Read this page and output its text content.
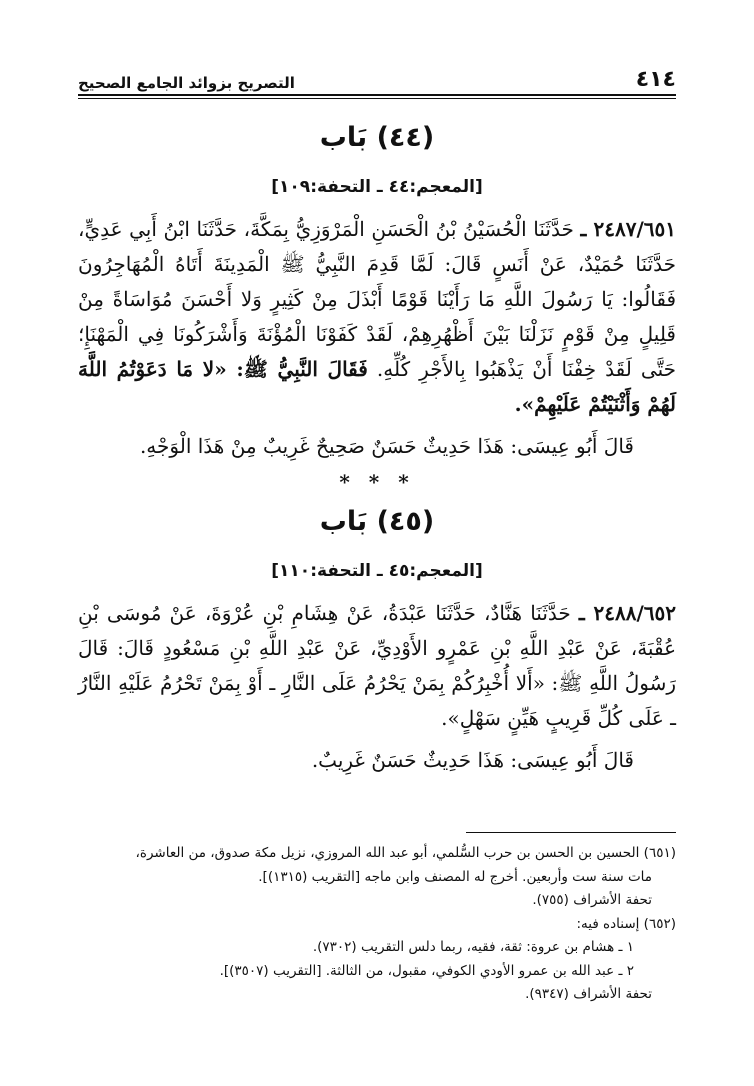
٤١٤
التصريح بزوائد الجامع الصحيح
(٤٤) بَاب
[المعجم:٤٤ ـ التحفة:١٠٩]

٢٤٨٧/٦٥١ ـ حَدَّثَنَا الْحُسَيْنُ بْنُ الْحَسَنِ الْمَرْوَزِيُّ بِمَكَّةَ، حَدَّثَنَا ابْنُ أَبِي عَدِيٍّ، حَدَّثَنَا حُمَيْدٌ، عَنْ أَنَسٍ قَالَ: لَمَّا قَدِمَ النَّبِيُّ ﷺ الْمَدِينَةَ أَتَاهُ الْمُهَاجِرُونَ فَقَالُوا: يَا رَسُولَ اللَّهِ مَا رَأَيْنَا قَوْمًا أَبْذَلَ مِنْ كَثِيرٍ وَلا أَحْسَنَ مُوَاسَاةً مِنْ قَلِيلٍ مِنْ قَوْمٍ نَزَلْنَا بَيْنَ أَظْهُرِهِمْ، لَقَدْ كَفَوْنَا الْمُؤْنَةَ وَأَشْرَكُونَا فِي الْمَهْنَإِ؛ حَتَّى لَقَدْ خِفْنَا أَنْ يَذْهَبُوا بِالأَجْرِ كُلِّهِ. فَقَالَ النَّبِيُّ ﷺ: «لا مَا دَعَوْتُمُ اللَّهَ لَهُمْ وَأَثْنَيْتُمْ عَلَيْهِمْ».

قَالَ أَبُو عِيسَى: هَذَا حَدِيثٌ حَسَنٌ صَحِيحٌ غَرِيبٌ مِنْ هَذَا الْوَجْهِ.

* * *
(٤٥) بَاب
[المعجم:٤٥ ـ التحفة:١١٠]

٢٤٨٨/٦٥٢ ـ حَدَّثَنَا هَنَّادٌ، حَدَّثَنَا عَبْدَةُ، عَنْ هِشَامِ بْنِ عُرْوَةَ، عَنْ مُوسَى بْنِ عُقْبَةَ، عَنْ عَبْدِ اللَّهِ بْنِ عَمْرٍو الأَوْدِيِّ، عَنْ عَبْدِ اللَّهِ بْنِ مَسْعُودٍ قَالَ: قَالَ رَسُولُ اللَّهِ ﷺ: «أَلا أُخْبِرُكُمْ بِمَنْ يَحْرُمُ عَلَى النَّارِ ـ أَوْ بِمَنْ تَحْرُمُ عَلَيْهِ النَّارُ ـ عَلَى كُلِّ قَرِيبٍ هَيِّنٍ سَهْلٍ».

قَالَ أَبُو عِيسَى: هَذَا حَدِيثٌ حَسَنٌ غَرِيبٌ.

(٦٥١) الحسين بن الحسن بن حرب السُّلمي، أبو عبد الله المروزي، نزيل مكة صدوق، من العاشرة،

مات سنة ست وأربعين. أخرج له المصنف وابن ماجه [التقريب (١٣١٥)].

تحفة الأشراف (٧٥٥).

(٦٥٢) إسناده فيه:

١ ـ هشام بن عروة: ثقة، فقيه، ربما دلس التقريب (٧٣٠٢).

٢ ـ عبد الله بن عمرو الأودي الكوفي، مقبول، من الثالثة. [التقريب (٣٥٠٧)].

تحفة الأشراف (٩٣٤٧).
